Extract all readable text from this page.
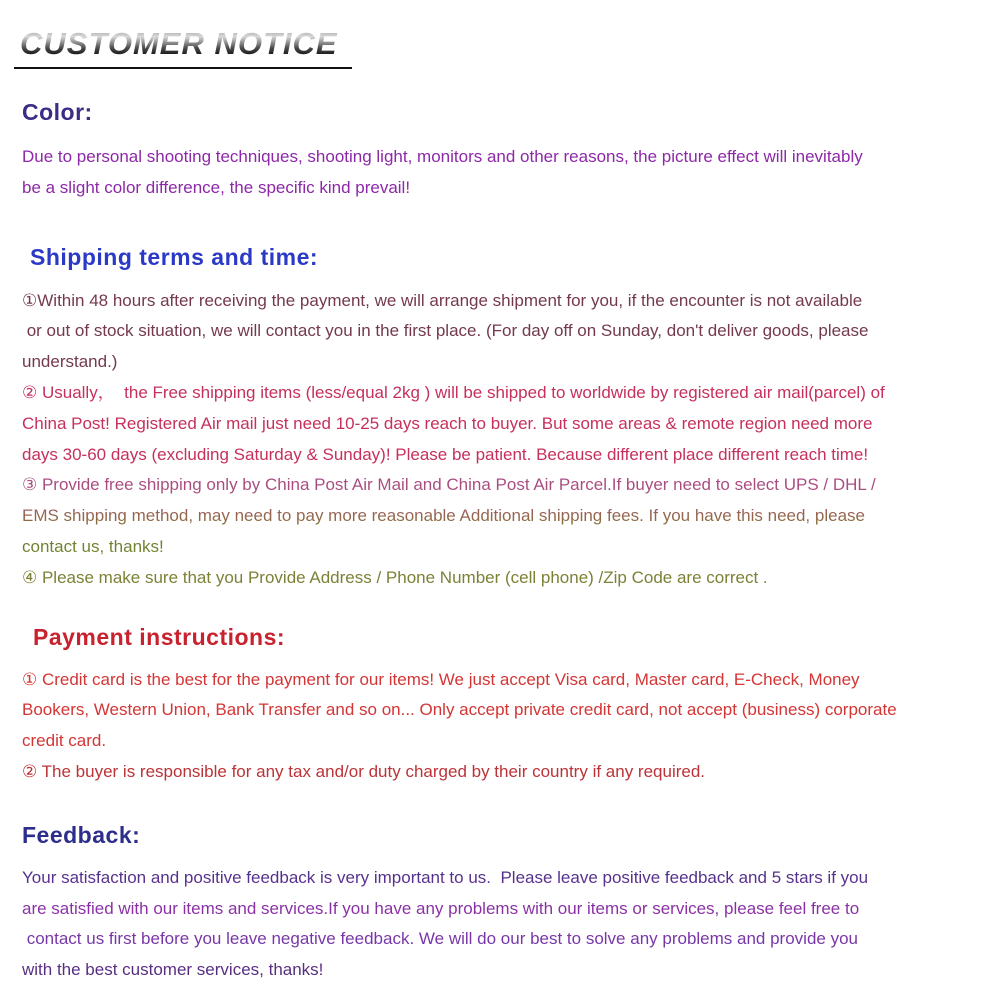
CUSTOMER NOTICE
Color:
Due to personal shooting techniques, shooting light, monitors and other reasons, the picture effect will inevitably
be a slight color difference, the specific kind prevail!
Shipping terms and time:
①Within 48 hours after receiving the payment, we will arrange shipment for you, if the encounter is not available
or out of stock situation, we will contact you in the first place. (For day off on Sunday, don't deliver goods, please
understand.)
② Usually，  the Free shipping items (less/equal 2kg ) will be shipped to worldwide by registered air mail(parcel) of
China Post! Registered Air mail just need 10-25 days reach to buyer. But some areas & remote region need more
days 30-60 days (excluding Saturday & Sunday)! Please be patient. Because different place different reach time!
③ Provide free shipping only by China Post Air Mail and China Post Air Parcel.If buyer need to select UPS / DHL /
EMS shipping method, may need to pay more reasonable Additional shipping fees. If you have this need, please
contact us, thanks!
④ Please make sure that you Provide Address / Phone Number (cell phone) /Zip Code are correct .
Payment instructions:
① Credit card is the best for the payment for our items! We just accept Visa card, Master card, E-Check, Money
Bookers, Western Union, Bank Transfer and so on... Only accept private credit card, not accept (business) corporate
credit card.
② The buyer is responsible for any tax and/or duty charged by their country if any required.
Feedback:
Your satisfaction and positive feedback is very important to us.  Please leave positive feedback and 5 stars if you
are satisfied with our items and services.If you have any problems with our items or services, please feel free to
contact us first before you leave negative feedback. We will do our best to solve any problems and provide you
with the best customer services, thanks!
